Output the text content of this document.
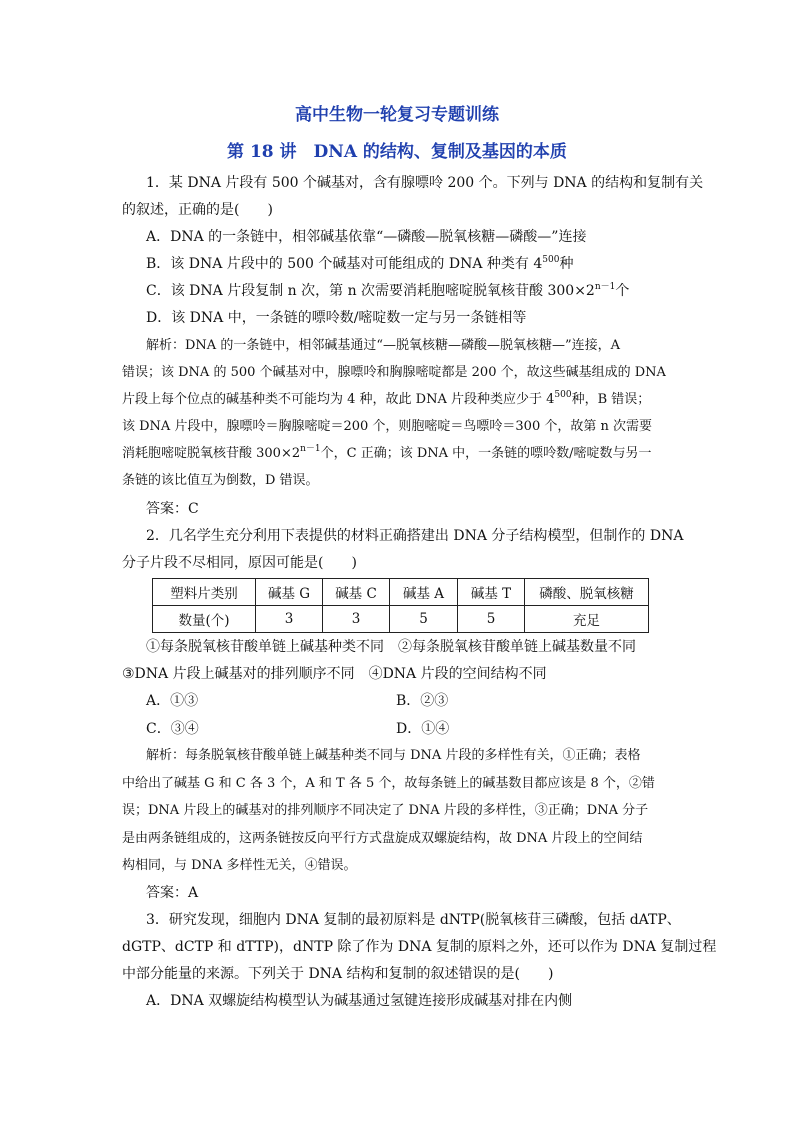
高中生物一轮复习专题训练
第 18 讲　DNA 的结构、复制及基因的本质
1．某 DNA 片段有 500 个碱基对，含有腺嘌呤 200 个。下列与 DNA 的结构和复制有关
的叙述，正确的是(　　)
A．DNA 的一条链中，相邻碱基依靠“—磷酸—脱氧核糖—磷酸—”连接
B．该 DNA 片段中的 500 个碱基对可能组成的 DNA 种类有 $4^{500}$种
C．该 DNA 片段复制 n 次，第 n 次需要消耗胞嘧啶脱氧核苷酸 $300\times 2^{n-1}$个
D．该 DNA 中，一条链的嘌呤数/嘧啶数一定与另一条链相等
解析：DNA 的一条链中，相邻碱基通过“—脱氧核糖—磷酸—脱氧核糖—”连接，A
错误；该 DNA 的 500 个碱基对中，腺嘌呤和胸腺嘧啶都是 200 个，故这些碱基组成的 DNA
片段上每个位点的碱基种类不可能均为 4 种，故此 DNA 片段种类应少于 $4^{500}$种，B 错误；
该 DNA 片段中，腺嘌呤＝胸腺嘧啶＝200 个，则胞嘧啶＝鸟嘌呤＝300 个，故第 n 次需要
消耗胞嘧啶脱氧核苷酸 $300\times 2^{n-1}$个，C 正确；该 DNA 中，一条链的嘌呤数/嘧啶数与另一
条链的该比值互为倒数，D 错误。
答案：C
2．几名学生充分利用下表提供的材料正确搭建出 DNA 分子结构模型，但制作的 DNA
分子片段不尽相同，原因可能是(　　)
塑料片类别	碱基 G	碱基 C	碱基 A	碱基 T	磷酸、脱氧核糖
数量(个)	3	3	5	5	充足
①每条脱氧核苷酸单链上碱基种类不同　②每条脱氧核苷酸单链上碱基数量不同
③DNA 片段上碱基对的排列顺序不同　④DNA 片段的空间结构不同
A．①③	B．②③
C．③④	D．①④
解析：每条脱氧核苷酸单链上碱基种类不同与 DNA 片段的多样性有关，①正确；表格
中给出了碱基 G 和 C 各 3 个，A 和 T 各 5 个，故每条链上的碱基数目都应该是 8 个，②错
误；DNA 片段上的碱基对的排列顺序不同决定了 DNA 片段的多样性，③正确；DNA 分子
是由两条链组成的，这两条链按反向平行方式盘旋成双螺旋结构，故 DNA 片段上的空间结
构相同，与 DNA 多样性无关，④错误。
答案：A
3．研究发现，细胞内 DNA 复制的最初原料是 dNTP(脱氧核苷三磷酸，包括 dATP、
dGTP、dCTP 和 dTTP)，dNTP 除了作为 DNA 复制的原料之外，还可以作为 DNA 复制过程
中部分能量的来源。下列关于 DNA 结构和复制的叙述错误的是(　　)
A．DNA 双螺旋结构模型认为碱基通过氢键连接形成碱基对排在内侧
